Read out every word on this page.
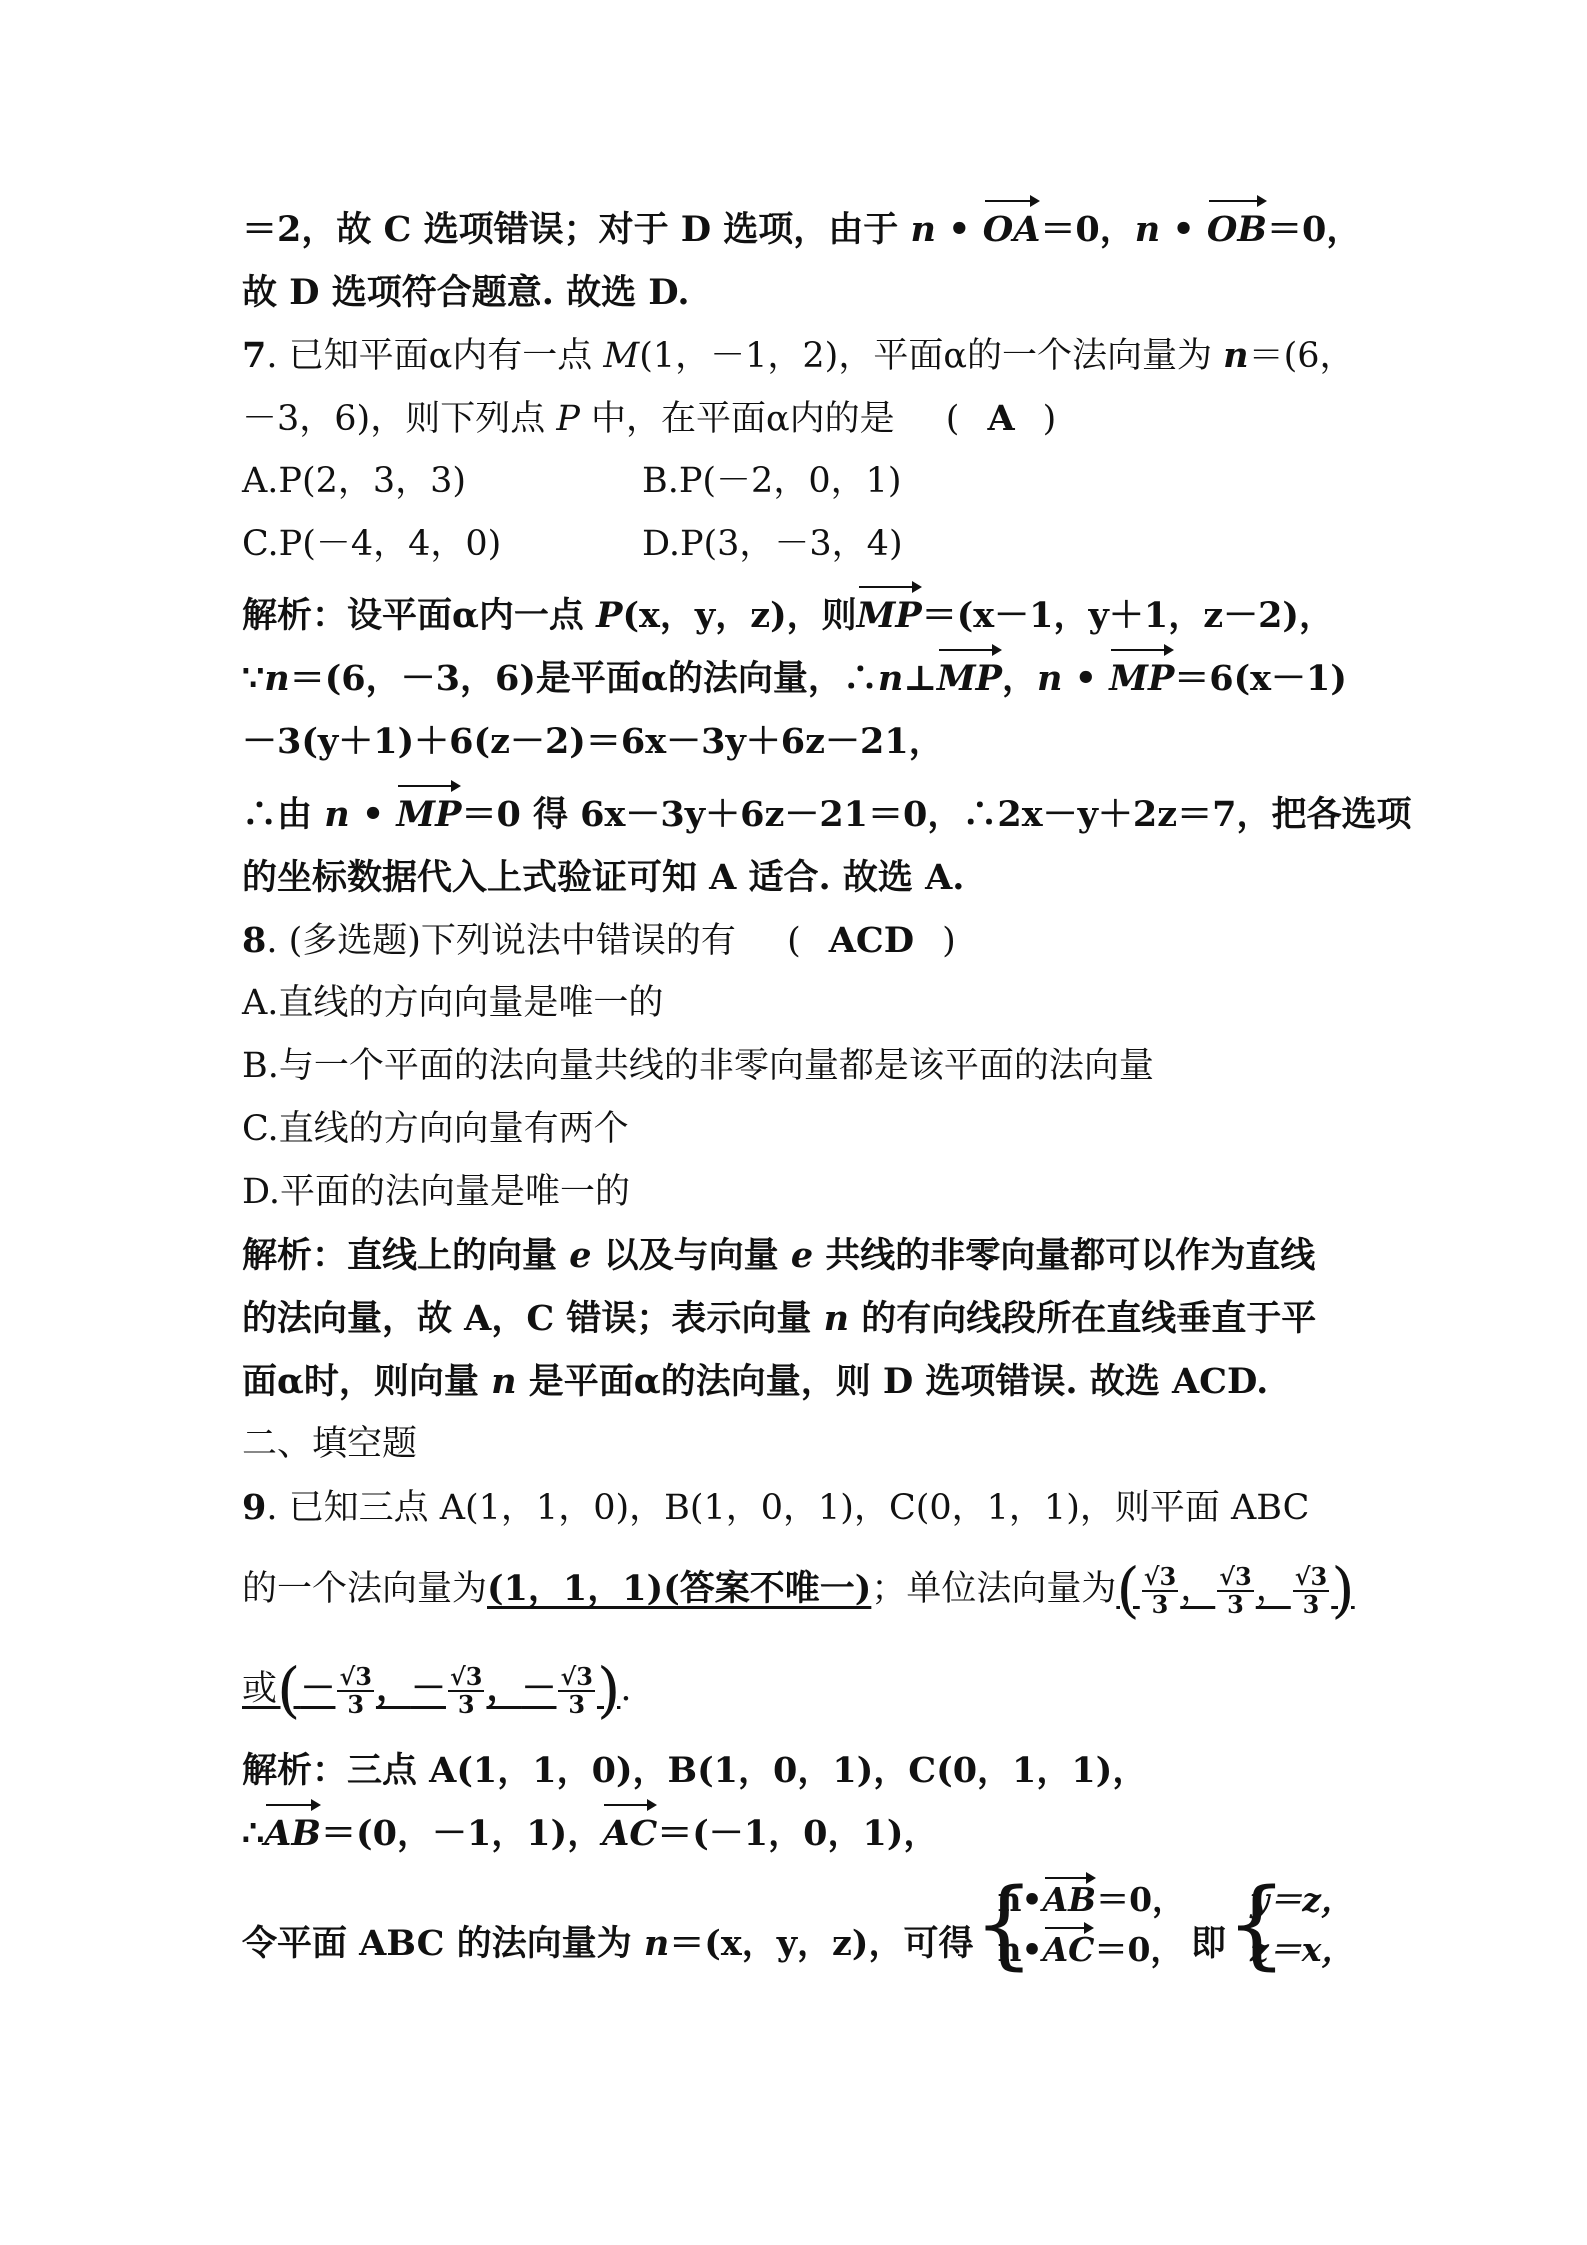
＝2，故 C 选项错误；对于 D 选项，由于 n • OA＝0，n • OB＝0，
故 D 选项符合题意. 故选 D.
7. 已知平面α内有一点 M(1，－1，2)，平面α的一个法向量为 n＝(6，
－3，6)，则下列点 P 中，在平面α内的是 ( A )
A.P(2，3，3)	B.P(－2，0，1)
C.P(－4，4，0)	D.P(3，－3，4)
解析：设平面α内一点 P(x，y，z)，则MP＝(x－1，y＋1，z－2)，
∵n＝(6，－3，6)是平面α的法向量，∴n⊥MP，n • MP＝6(x－1)
－3(y＋1)＋6(z－2)＝6x－3y＋6z－21，
∴由 n • MP＝0 得 6x－3y＋6z－21＝0，∴2x－y＋2z＝7，把各选项
的坐标数据代入上式验证可知 A 适合. 故选 A.
8. (多选题)下列说法中错误的有 ( ACD )
A.直线的方向向量是唯一的
B.与一个平面的法向量共线的非零向量都是该平面的法向量
C.直线的方向向量有两个
D.平面的法向量是唯一的
解析：直线上的向量 e 以及与向量 e 共线的非零向量都可以作为直线
的法向量，故 A，C 错误；表示向量 n 的有向线段所在直线垂直于平
面α时，则向量 n 是平面α的法向量，则 D 选项错误. 故选 ACD.
二、填空题
9. 已知三点 A(1，1，0)，B(1，0，1)，C(0，1，1)，则平面 ABC
的一个法向量为(1，1，1)(答案不唯一)；单位法向量为( $\frac{√3}{3}$ ， $\frac{√3}{3}$ ， $\frac{√3}{3}$ )
或(－ $\frac{√3}{3}$ ，－ $\frac{√3}{3}$ ，－ $\frac{√3}{3}$ ).
解析：三点 A(1，1，0)，B(1，0，1)，C(0，1，1)，
∴AB＝(0，－1，1)，AC＝(－1，0，1)，
令平面 ABC 的法向量为 n＝(x，y，z)，可得
{ n•AB＝0，
n•AC＝0， 即
{ y＝z，
z＝x，
